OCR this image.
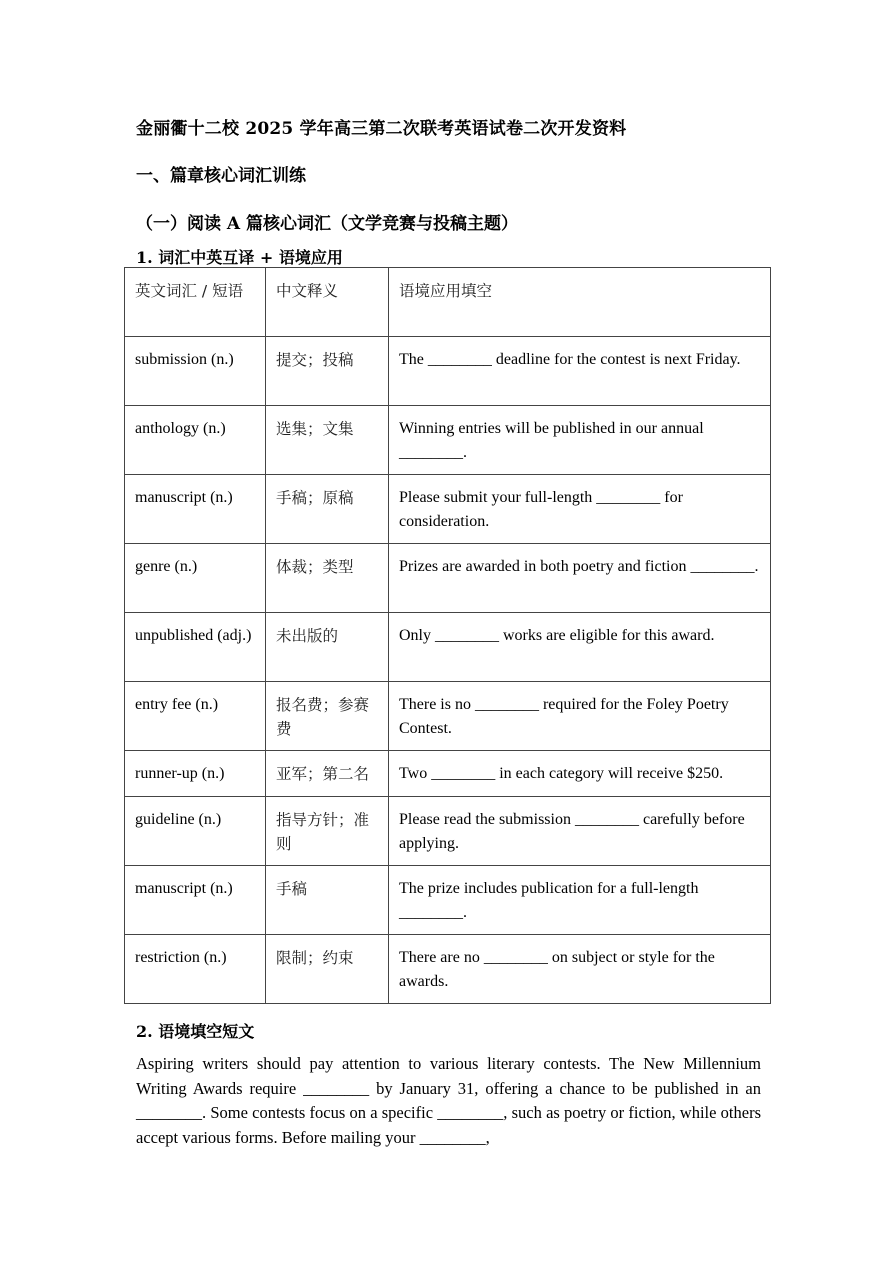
金丽衢十二校 2025 学年高三第二次联考英语试卷二次开发资料
一、篇章核心词汇训练
（一）阅读 A 篇核心词汇（文学竞赛与投稿主题）
1. 词汇中英互译 + 语境应用
英文词汇 / 短语	中文释义	语境应用填空
submission (n.)	提交；投稿	The ________ deadline for the contest is next Friday.
anthology (n.)	选集；文集	Winning entries will be published in our annual ________.
manuscript (n.)	手稿；原稿	Please submit your full-length ________ for consideration.
genre (n.)	体裁；类型	Prizes are awarded in both poetry and fiction ________.
unpublished (adj.)	未出版的	Only ________ works are eligible for this award.
entry fee (n.)	报名费；参赛费	There is no ________ required for the Foley Poetry Contest.
runner-up (n.)	亚军；第二名	Two ________ in each category will receive $250.
guideline (n.)	指导方针；准则	Please read the submission ________ carefully before applying.
manuscript (n.)	手稿	The prize includes publication for a full-length ________.
restriction (n.)	限制；约束	There are no ________ on subject or style for the awards.
2. 语境填空短文
Aspiring writers should pay attention to various literary contests. The New Millennium Writing Awards require ________ by January 31, offering a chance to be published in an ________. Some contests focus on a specific ________, such as poetry or fiction, while others accept various forms. Before mailing your ________,
